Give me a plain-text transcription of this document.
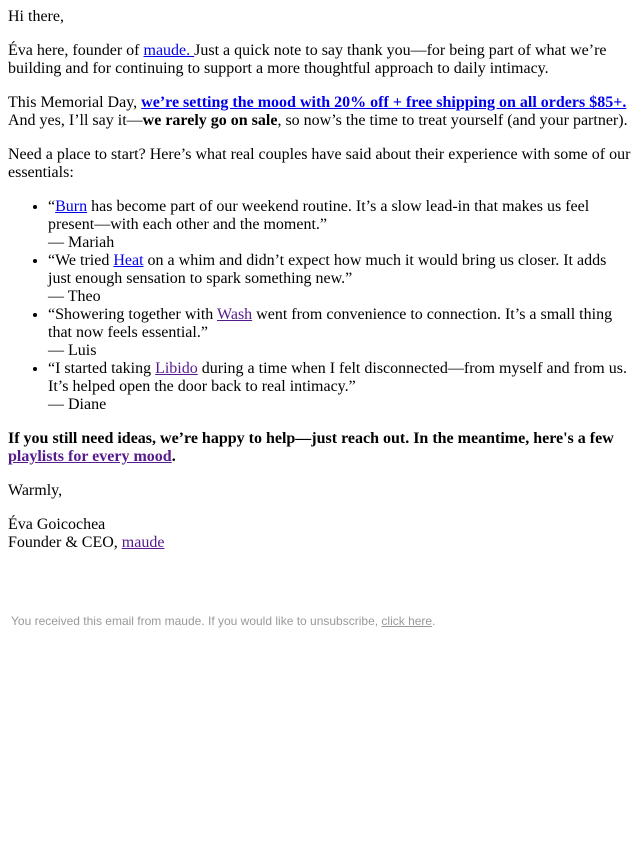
Hi there,

Éva here, founder of maude. Just a quick note to say thank you—for being part of what we’re building and for continuing to support a more thoughtful approach to daily intimacy.

This Memorial Day, we’re setting the mood with 20% off + free shipping on all orders $85+. And yes, I’ll say it—we rarely go on sale, so now’s the time to treat yourself (and your partner).

Need a place to start? Here’s what real couples have said about their experience with some of our essentials:

• “Burn has become part of our weekend routine. It’s a slow lead-in that makes us feel present—with each other and the moment.”
— Mariah
• “We tried Heat on a whim and didn’t expect how much it would bring us closer. It adds just enough sensation to spark something new.”
— Theo
• “Showering together with Wash went from convenience to connection. It’s a small thing that now feels essential.”
— Luis
• “I started taking Libido during a time when I felt disconnected—from myself and from us. It’s helped open the door back to real intimacy.”
— Diane

If you still need ideas, we’re happy to help—just reach out. In the meantime, here's a few playlists for every mood.

Warmly,

Éva Goicochea
Founder & CEO, maude

You received this email from maude. If you would like to unsubscribe, click here.
